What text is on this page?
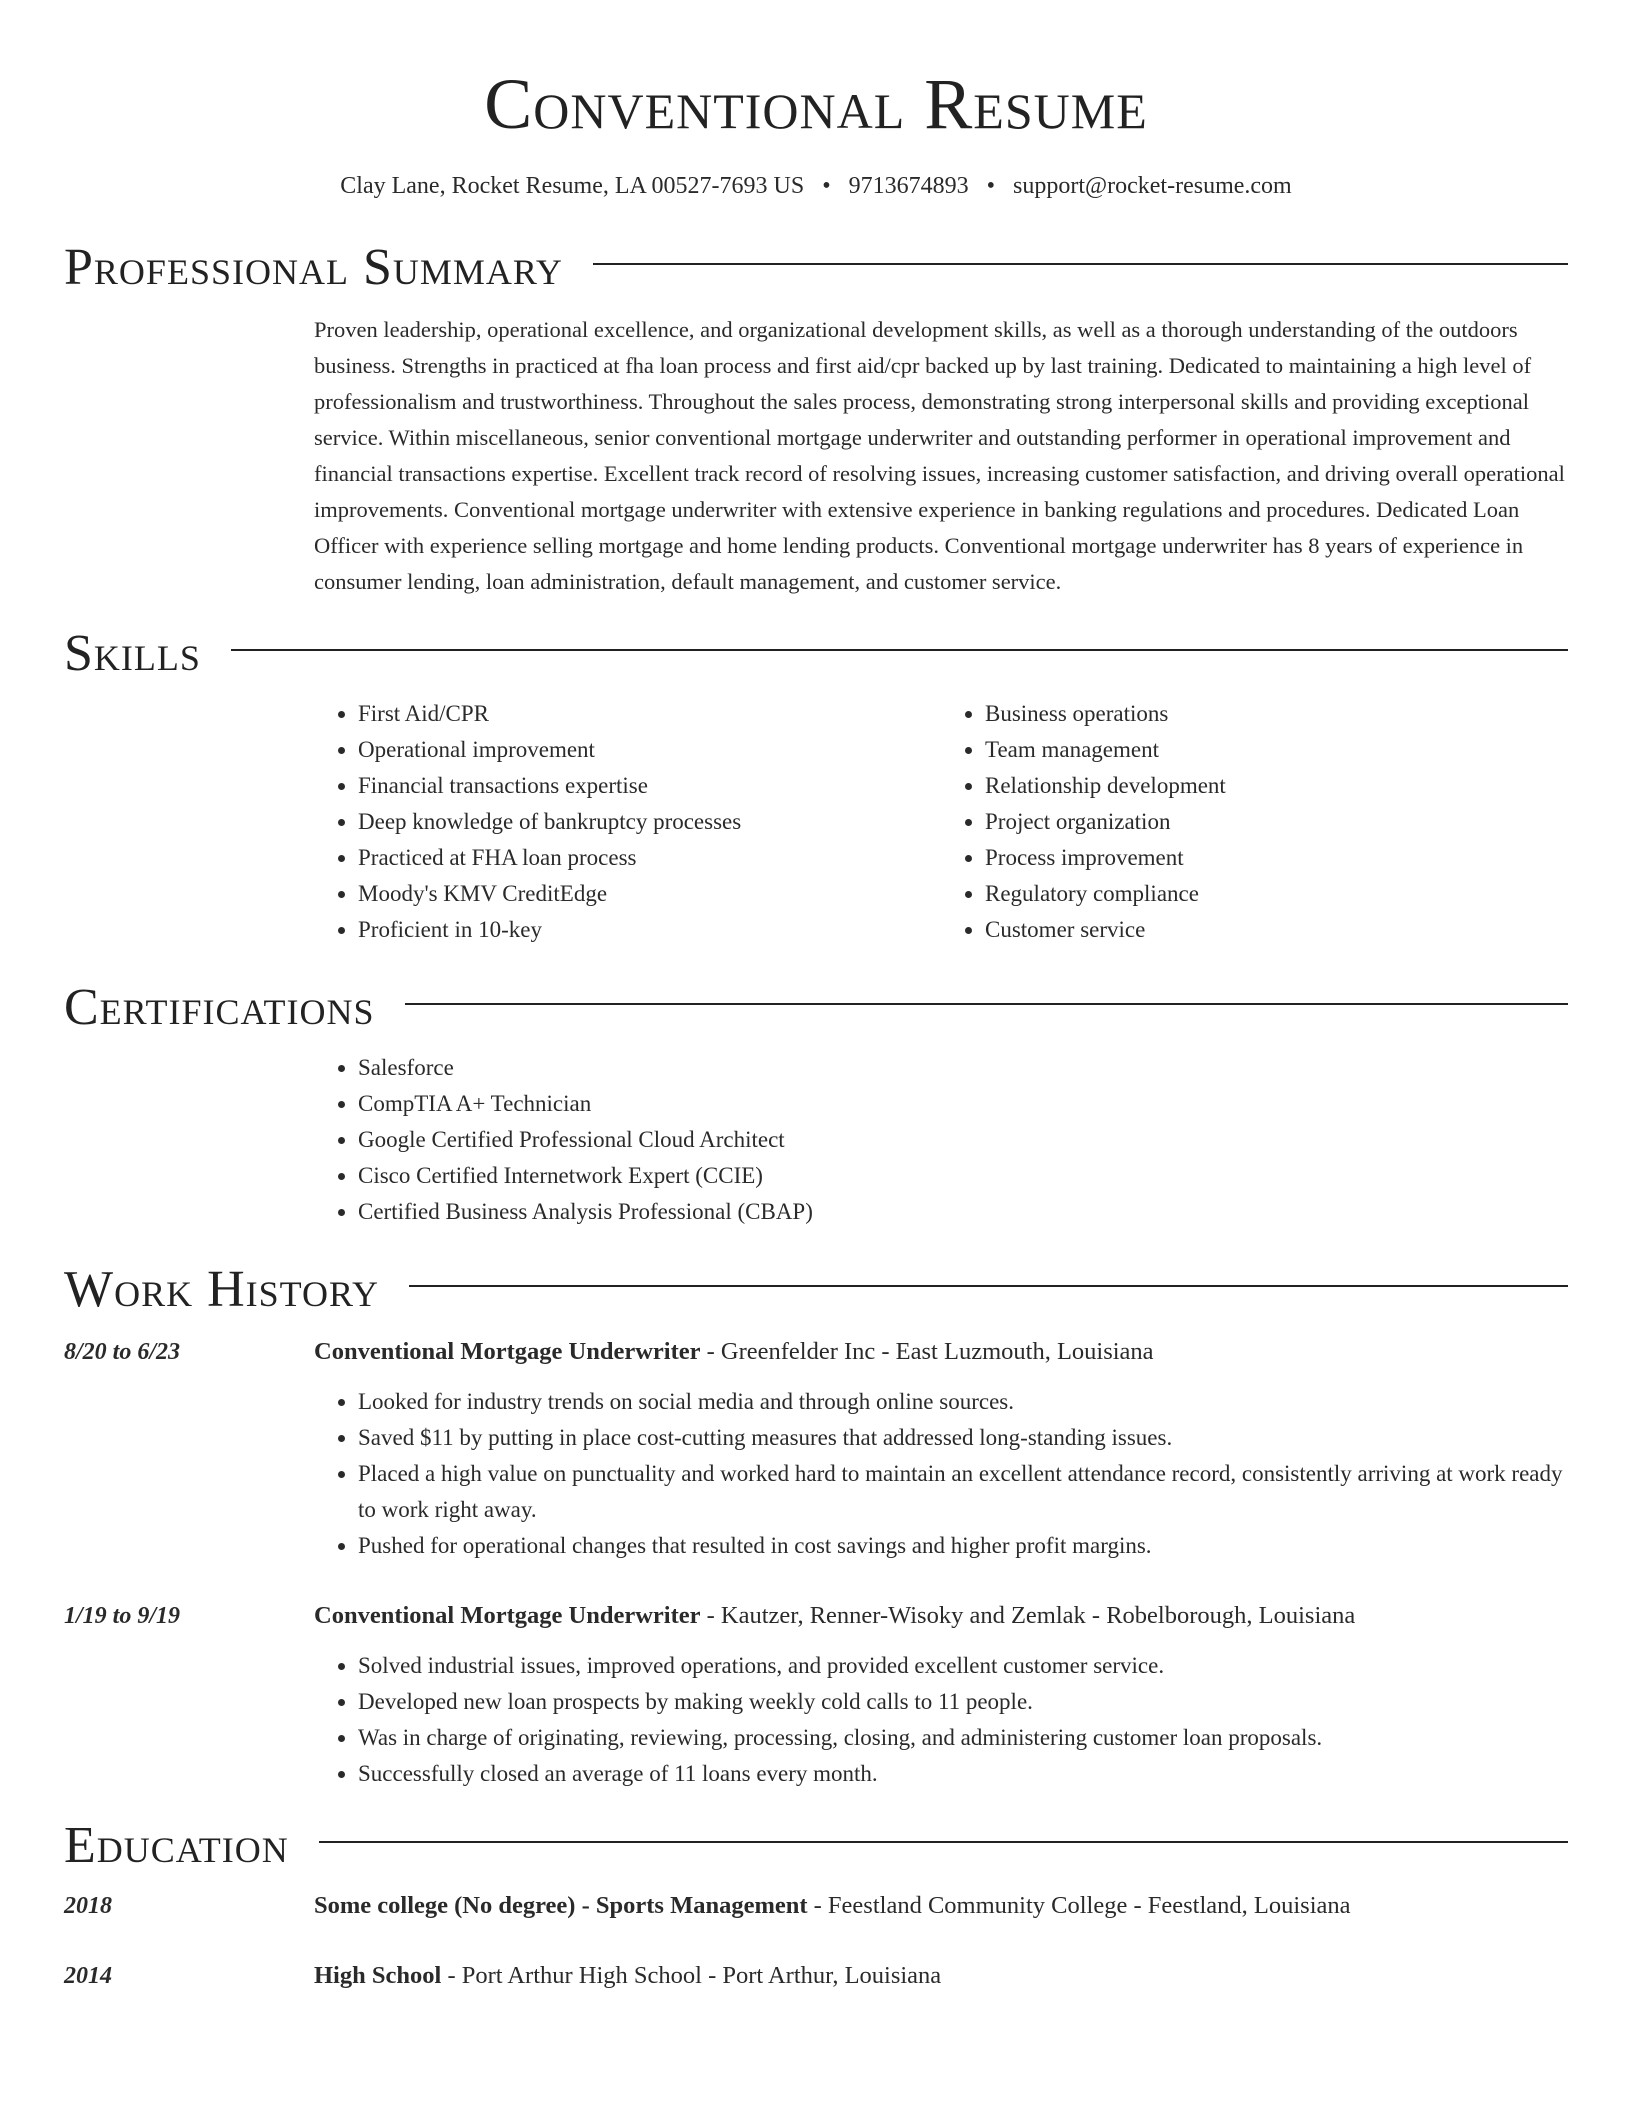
Conventional Resume
Clay Lane, Rocket Resume, LA 00527-7693 US • 9713674893 • support@rocket-resume.com
Professional Summary

Proven leadership, operational excellence, and organizational development skills, as well as a thorough understanding of the outdoors business. Strengths in practiced at fha loan process and first aid/cpr backed up by last training. Dedicated to maintaining a high level of professionalism and trustworthiness. Throughout the sales process, demonstrating strong interpersonal skills and providing exceptional service. Within miscellaneous, senior conventional mortgage underwriter and outstanding performer in operational improvement and financial transactions expertise. Excellent track record of resolving issues, increasing customer satisfaction, and driving overall operational improvements. Conventional mortgage underwriter with extensive experience in banking regulations and procedures. Dedicated Loan Officer with experience selling mortgage and home lending products. Conventional mortgage underwriter has 8 years of experience in consumer lending, loan administration, default management, and customer service.

Skills
• First Aid/CPR
• Operational improvement
• Financial transactions expertise
• Deep knowledge of bankruptcy processes
• Practiced at FHA loan process
• Moody's KMV CreditEdge
• Proficient in 10-key
• Business operations
• Team management
• Relationship development
• Project organization
• Process improvement
• Regulatory compliance
• Customer service
Certifications
• Salesforce
• CompTIA A+ Technician
• Google Certified Professional Cloud Architect
• Cisco Certified Internetwork Expert (CCIE)
• Certified Business Analysis Professional (CBAP)
Work History
8/20 to 6/23	Conventional Mortgage Underwriter - Greenfelder Inc - East Luzmouth, Louisiana
• Looked for industry trends on social media and through online sources.
• Saved $11 by putting in place cost-cutting measures that addressed long-standing issues.
• Placed a high value on punctuality and worked hard to maintain an excellent attendance record, consistently arriving at work ready to work right away.
• Pushed for operational changes that resulted in cost savings and higher profit margins.
1/19 to 9/19	Conventional Mortgage Underwriter - Kautzer, Renner-Wisoky and Zemlak - Robelborough, Louisiana
• Solved industrial issues, improved operations, and provided excellent customer service.
• Developed new loan prospects by making weekly cold calls to 11 people.
• Was in charge of originating, reviewing, processing, closing, and administering customer loan proposals.
• Successfully closed an average of 11 loans every month.
Education
2018	Some college (No degree) - Sports Management - Feestland Community College - Feestland, Louisiana
2014	High School - Port Arthur High School - Port Arthur, Louisiana
